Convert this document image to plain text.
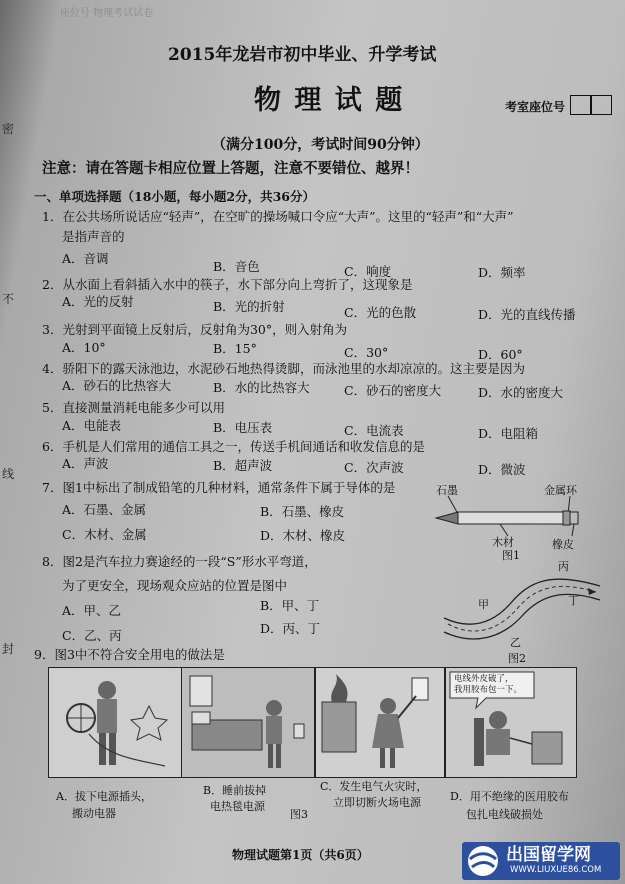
座位号 物理考试试卷
密
不
线
封
2015年龙岩市初中毕业、升学考试
物 理 试 题	考室座位号
（满分100分，考试时间90分钟）
注意：请在答题卡相应位置上答题，注意不要错位、越界！
一、单项选择题（18小题，每小题2分，共36分）
1．在公共场所说话应“轻声”，在空旷的操场喊口令应“大声”。这里的“轻声”和“大声”
是指声音的
A．音调
B．音色	C．响度	D．频率
2．从水面上看斜插入水中的筷子，水下部分向上弯折了，这现象是
A．光的反射	B．光的折射	C．光的色散	D．光的直线传播
3．光射到平面镜上反射后，反射角为30°，则入射角为
A．10°	B．15°	C．30°	D．60°
4．骄阳下的露天泳池边，水泥砂石地热得烫脚，而泳池里的水却凉凉的。这主要是因为
A．砂石的比热容大	B．水的比热容大	C．砂石的密度大	D．水的密度大
5．直接测量消耗电能多少可以用
A．电能表	B．电压表	C．电流表	D．电阻箱
6．手机是人们常用的通信工具之一，传送手机间通话和收发信息的是
A．声波	B．超声波	C．次声波	D．微波
7．图1中标出了制成铅笔的几种材料，通常条件下属于导体的是
A．石墨、金属	B．石墨、橡皮
C．木材、金属	D．木材、橡皮
石墨	金属环
木材	橡皮
图1
8．图2是汽车拉力赛途经的一段“S”形水平弯道，
为了更安全，现场观众应站的位置是图中
A．甲、乙	B．甲、丁
C．乙、丙	D．丙、丁
甲
乙
丙
丁
图2
9．图3中不符合安全用电的做法是
电线外皮破了，
我用胶布包一下。
A．拔下电源插头，
搬动电器
B．睡前拔掉
电热毯电源
C．发生电气火灾时，
立即切断火场电源	D．用不绝缘的医用胶布
包扎电线破损处
图3
物理试题第1页（共6页）	出国留学网
WWW.LIUXUE86.COM
